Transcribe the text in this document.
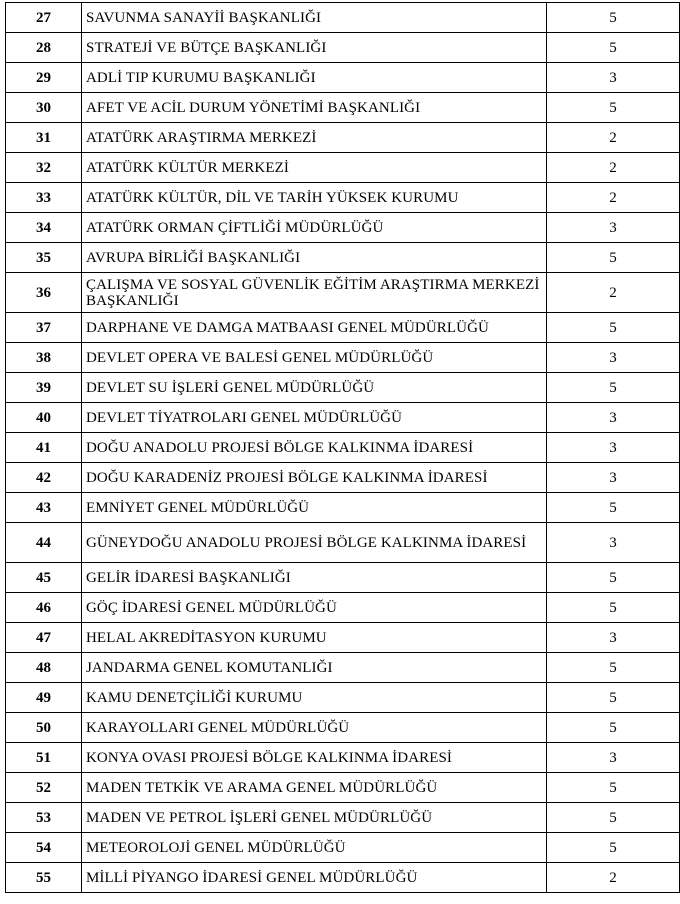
27	SAVUNMA SANAYİİ BAŞKANLIĞI	5
28	STRATEJİ VE BÜTÇE BAŞKANLIĞI	5
29	ADLİ TIP KURUMU BAŞKANLIĞI	3
30	AFET VE ACİL DURUM YÖNETİMİ BAŞKANLIĞI	5
31	ATATÜRK ARAŞTIRMA MERKEZİ	2
32	ATATÜRK KÜLTÜR MERKEZİ	2
33	ATATÜRK KÜLTÜR, DİL VE TARİH YÜKSEK KURUMU	2
34	ATATÜRK ORMAN ÇİFTLİĞİ MÜDÜRLÜĞÜ	3
35	AVRUPA BİRLİĞİ BAŞKANLIĞI	5
36	ÇALIŞMA VE SOSYAL GÜVENLİK EĞİTİM ARAŞTIRMA MERKEZİ BAŞKANLIĞI	2
37	DARPHANE VE DAMGA MATBAASI GENEL MÜDÜRLÜĞÜ	5
38	DEVLET OPERA VE BALESİ GENEL MÜDÜRLÜĞÜ	3
39	DEVLET SU İŞLERİ GENEL MÜDÜRLÜĞÜ	5
40	DEVLET TİYATROLARI GENEL MÜDÜRLÜĞÜ	3
41	DOĞU ANADOLU PROJESİ BÖLGE KALKINMA İDARESİ	3
42	DOĞU KARADENİZ PROJESİ BÖLGE KALKINMA İDARESİ	3
43	EMNİYET GENEL MÜDÜRLÜĞÜ	5
44	GÜNEYDOĞU ANADOLU PROJESİ BÖLGE KALKINMA İDARESİ	3
45	GELİR İDARESİ BAŞKANLIĞI	5
46	GÖÇ İDARESİ GENEL MÜDÜRLÜĞÜ	5
47	HELAL AKREDİTASYON KURUMU	3
48	JANDARMA GENEL KOMUTANLIĞI	5
49	KAMU DENETÇİLİĞİ KURUMU	5
50	KARAYOLLARI GENEL MÜDÜRLÜĞÜ	5
51	KONYA OVASI PROJESİ BÖLGE KALKINMA İDARESİ	3
52	MADEN TETKİK VE ARAMA GENEL MÜDÜRLÜĞÜ	5
53	MADEN VE PETROL İŞLERİ GENEL MÜDÜRLÜĞÜ	5
54	METEOROLOJİ GENEL MÜDÜRLÜĞÜ	5
55	MİLLİ PİYANGO İDARESİ GENEL MÜDÜRLÜĞÜ	2
